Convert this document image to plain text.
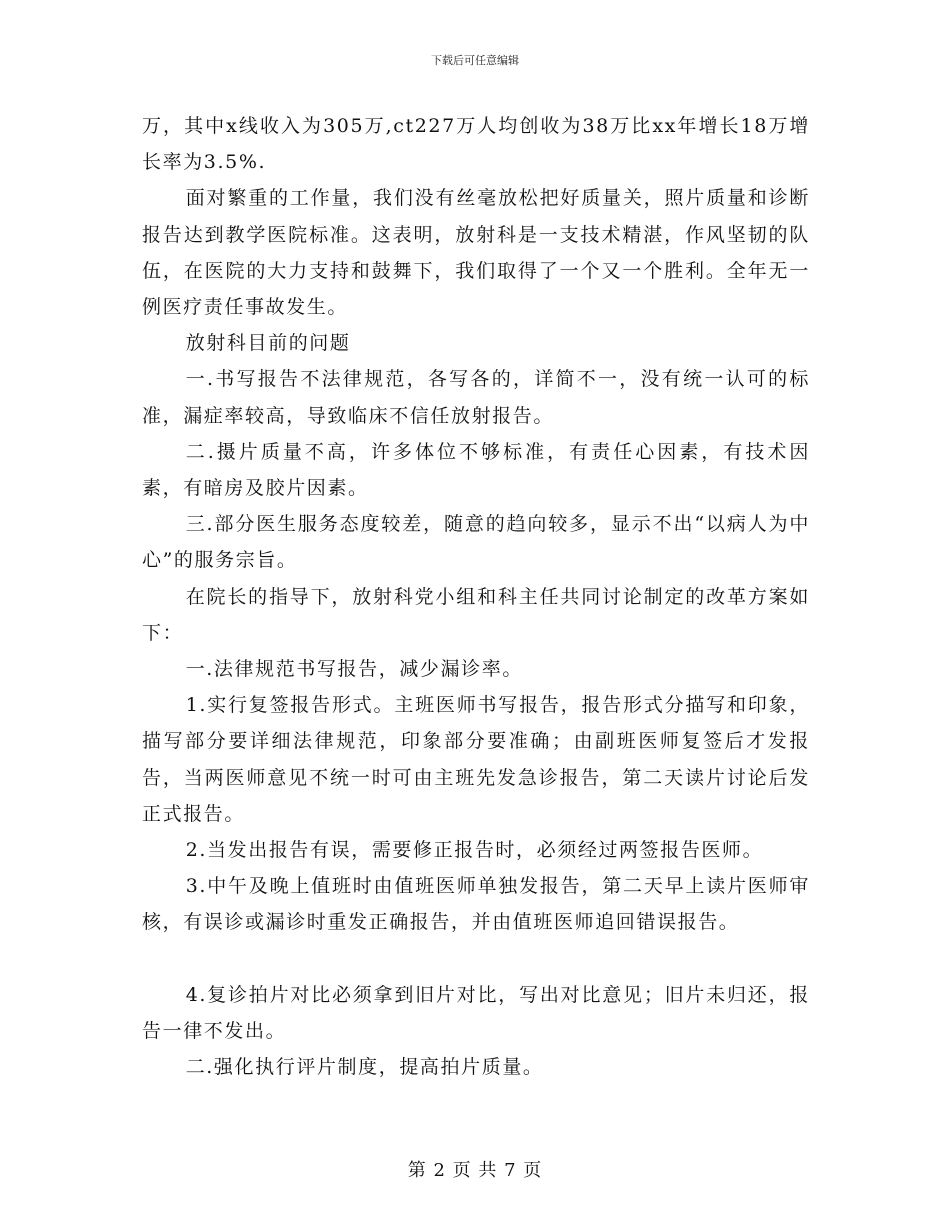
下载后可任意编辑

万，其中x线收入为305万,ct227万人均创收为38万比xx年增长18万增长率为3.5%.

面对繁重的工作量，我们没有丝毫放松把好质量关，照片质量和诊断报告达到教学医院标准。这表明，放射科是一支技术精湛，作风坚韧的队伍，在医院的大力支持和鼓舞下，我们取得了一个又一个胜利。全年无一例医疗责任事故发生。

放射科目前的问题

一.书写报告不法律规范，各写各的，详简不一，没有统一认可的标准，漏症率较高，导致临床不信任放射报告。

二.摄片质量不高，许多体位不够标准，有责任心因素，有技术因素，有暗房及胶片因素。

三.部分医生服务态度较差，随意的趋向较多，显示不出“以病人为中心”的服务宗旨。

在院长的指导下，放射科党小组和科主任共同讨论制定的改革方案如下：

一.法律规范书写报告，减少漏诊率。

1.实行复签报告形式。主班医师书写报告，报告形式分描写和印象，描写部分要详细法律规范，印象部分要准确；由副班医师复签后才发报告，当两医师意见不统一时可由主班先发急诊报告，第二天读片讨论后发正式报告。

2.当发出报告有误，需要修正报告时，必须经过两签报告医师。

3.中午及晚上值班时由值班医师单独发报告，第二天早上读片医师审核，有误诊或漏诊时重发正确报告，并由值班医师追回错误报告。

4.复诊拍片对比必须拿到旧片对比，写出对比意见；旧片未归还，报告一律不发出。

二.强化执行评片制度，提高拍片质量。

第 2 页 共 7 页
